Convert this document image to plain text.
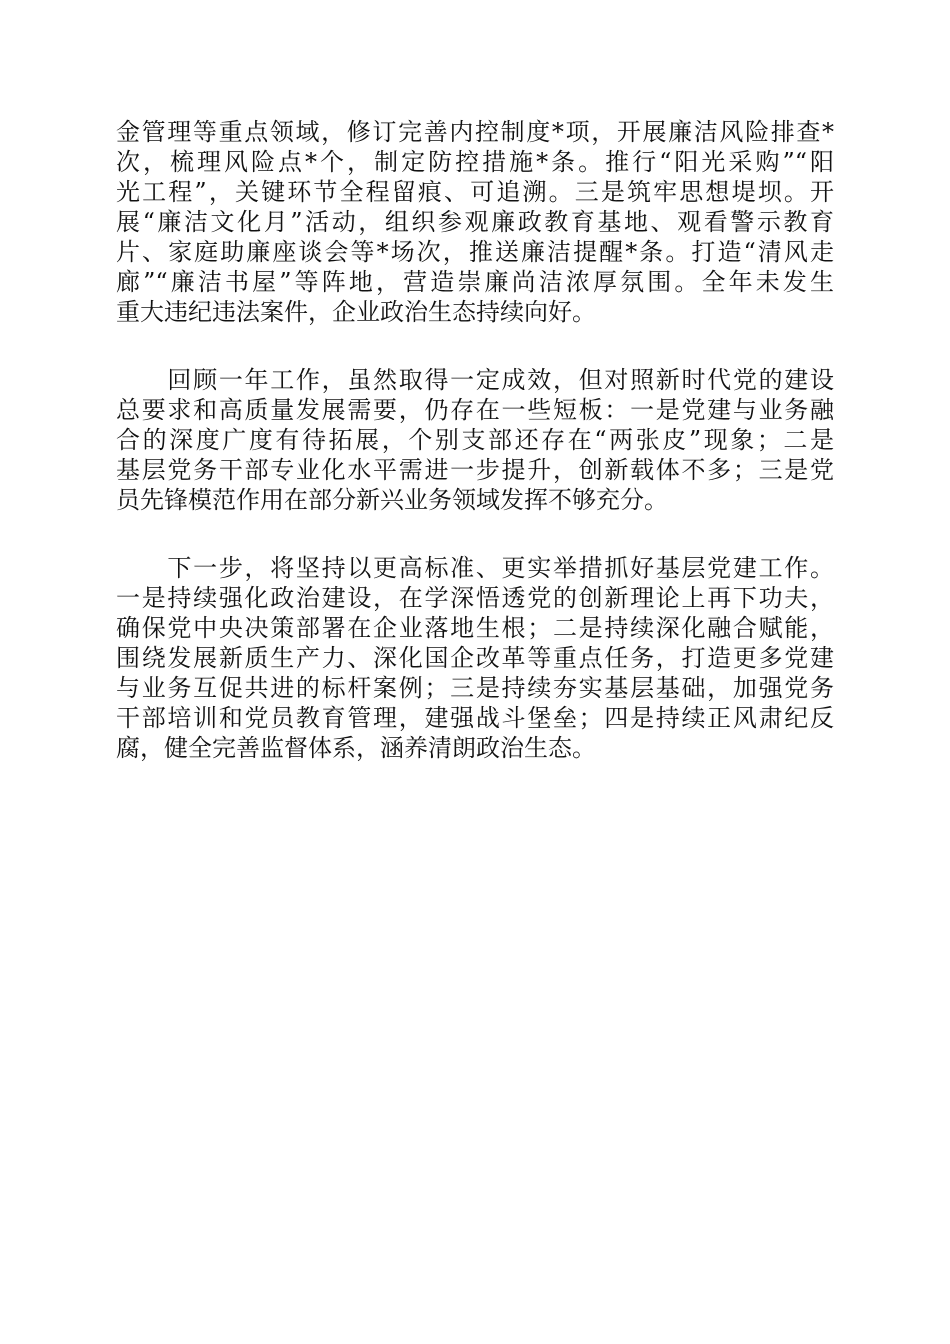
金管理等重点领域，修订完善内控制度*项，开展廉洁风险排查*
次，梳理风险点*个，制定防控措施*条。推行“阳光采购”“阳
光工程”，关键环节全程留痕、可追溯。三是筑牢思想堤坝。开
展“廉洁文化月”活动，组织参观廉政教育基地、观看警示教育
片、家庭助廉座谈会等*场次，推送廉洁提醒*条。打造“清风走
廊”“廉洁书屋”等阵地，营造崇廉尚洁浓厚氛围。全年未发生
重大违纪违法案件，企业政治生态持续向好。
　　回顾一年工作，虽然取得一定成效，但对照新时代党的建设
总要求和高质量发展需要，仍存在一些短板：一是党建与业务融
合的深度广度有待拓展，个别支部还存在“两张皮”现象；二是
基层党务干部专业化水平需进一步提升，创新载体不多；三是党
员先锋模范作用在部分新兴业务领域发挥不够充分。
　　下一步，将坚持以更高标准、更实举措抓好基层党建工作。
一是持续强化政治建设，在学深悟透党的创新理论上再下功夫，
确保党中央决策部署在企业落地生根；二是持续深化融合赋能，
围绕发展新质生产力、深化国企改革等重点任务，打造更多党建
与业务互促共进的标杆案例；三是持续夯实基层基础，加强党务
干部培训和党员教育管理，建强战斗堡垒；四是持续正风肃纪反
腐，健全完善监督体系，涵养清朗政治生态。
